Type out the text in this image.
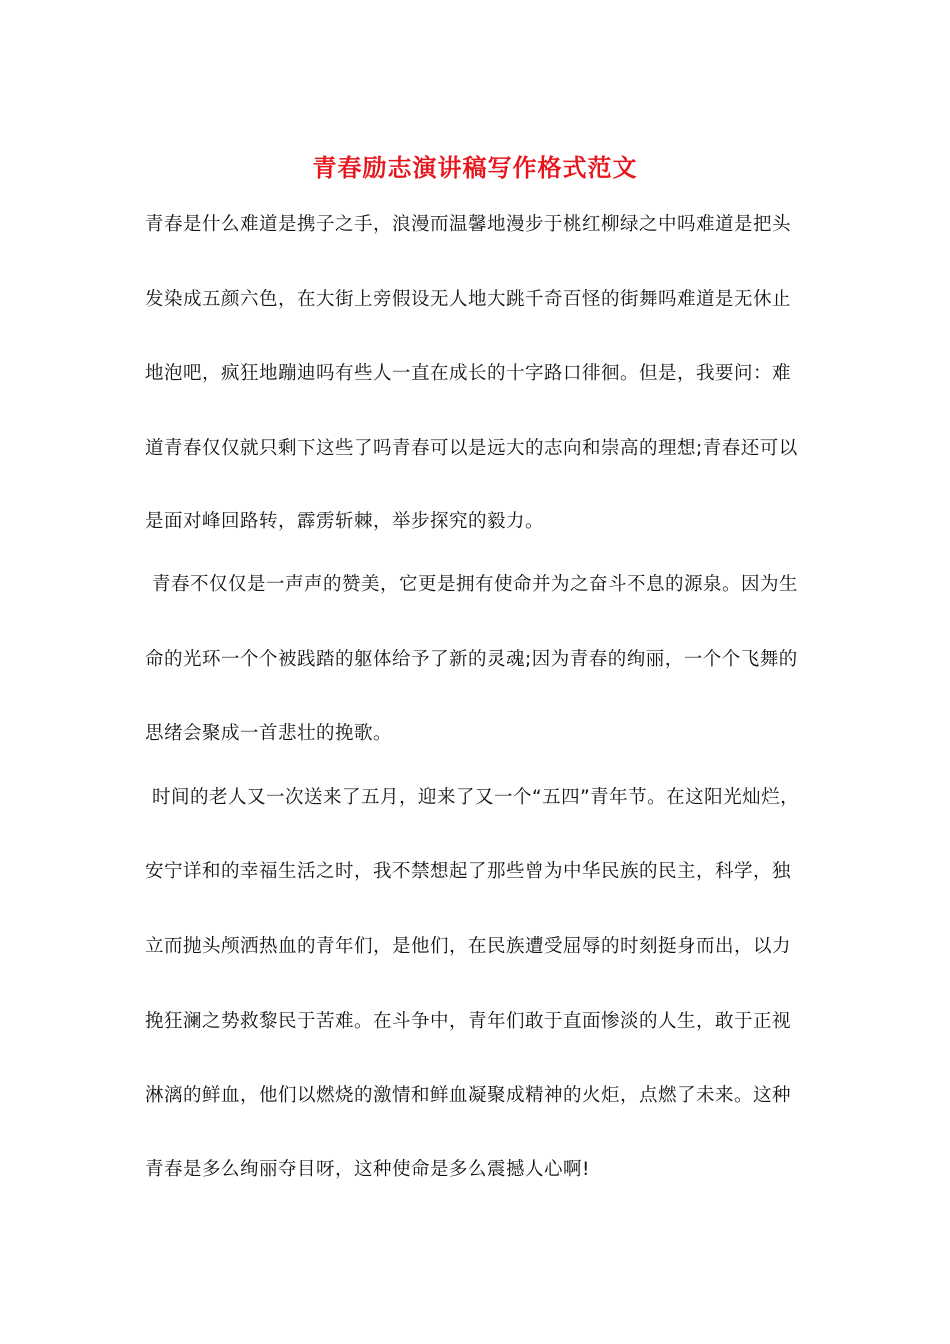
青春励志演讲稿写作格式范文
青春是什么难道是携子之手，浪漫而温馨地漫步于桃红柳绿之中吗难道是把头
发染成五颜六色，在大街上旁假设无人地大跳千奇百怪的街舞吗难道是无休止
地泡吧，疯狂地蹦迪吗有些人一直在成长的十字路口徘徊。但是，我要问：难
道青春仅仅就只剩下这些了吗青春可以是远大的志向和崇高的理想;青春还可以
是面对峰回路转，霹雳斩棘，举步探究的毅力。
青春不仅仅是一声声的赞美，它更是拥有使命并为之奋斗不息的源泉。因为生
命的光环一个个被践踏的躯体给予了新的灵魂;因为青春的绚丽，一个个飞舞的
思绪会聚成一首悲壮的挽歌。
时间的老人又一次送来了五月，迎来了又一个“五四”青年节。在这阳光灿烂，
安宁详和的幸福生活之时，我不禁想起了那些曾为中华民族的民主，科学，独
立而抛头颅洒热血的青年们，是他们，在民族遭受屈辱的时刻挺身而出，以力
挽狂澜之势救黎民于苦难。在斗争中，青年们敢于直面惨淡的人生，敢于正视
淋漓的鲜血，他们以燃烧的激情和鲜血凝聚成精神的火炬，点燃了未来。这种
青春是多么绚丽夺目呀，这种使命是多么震撼人心啊!
